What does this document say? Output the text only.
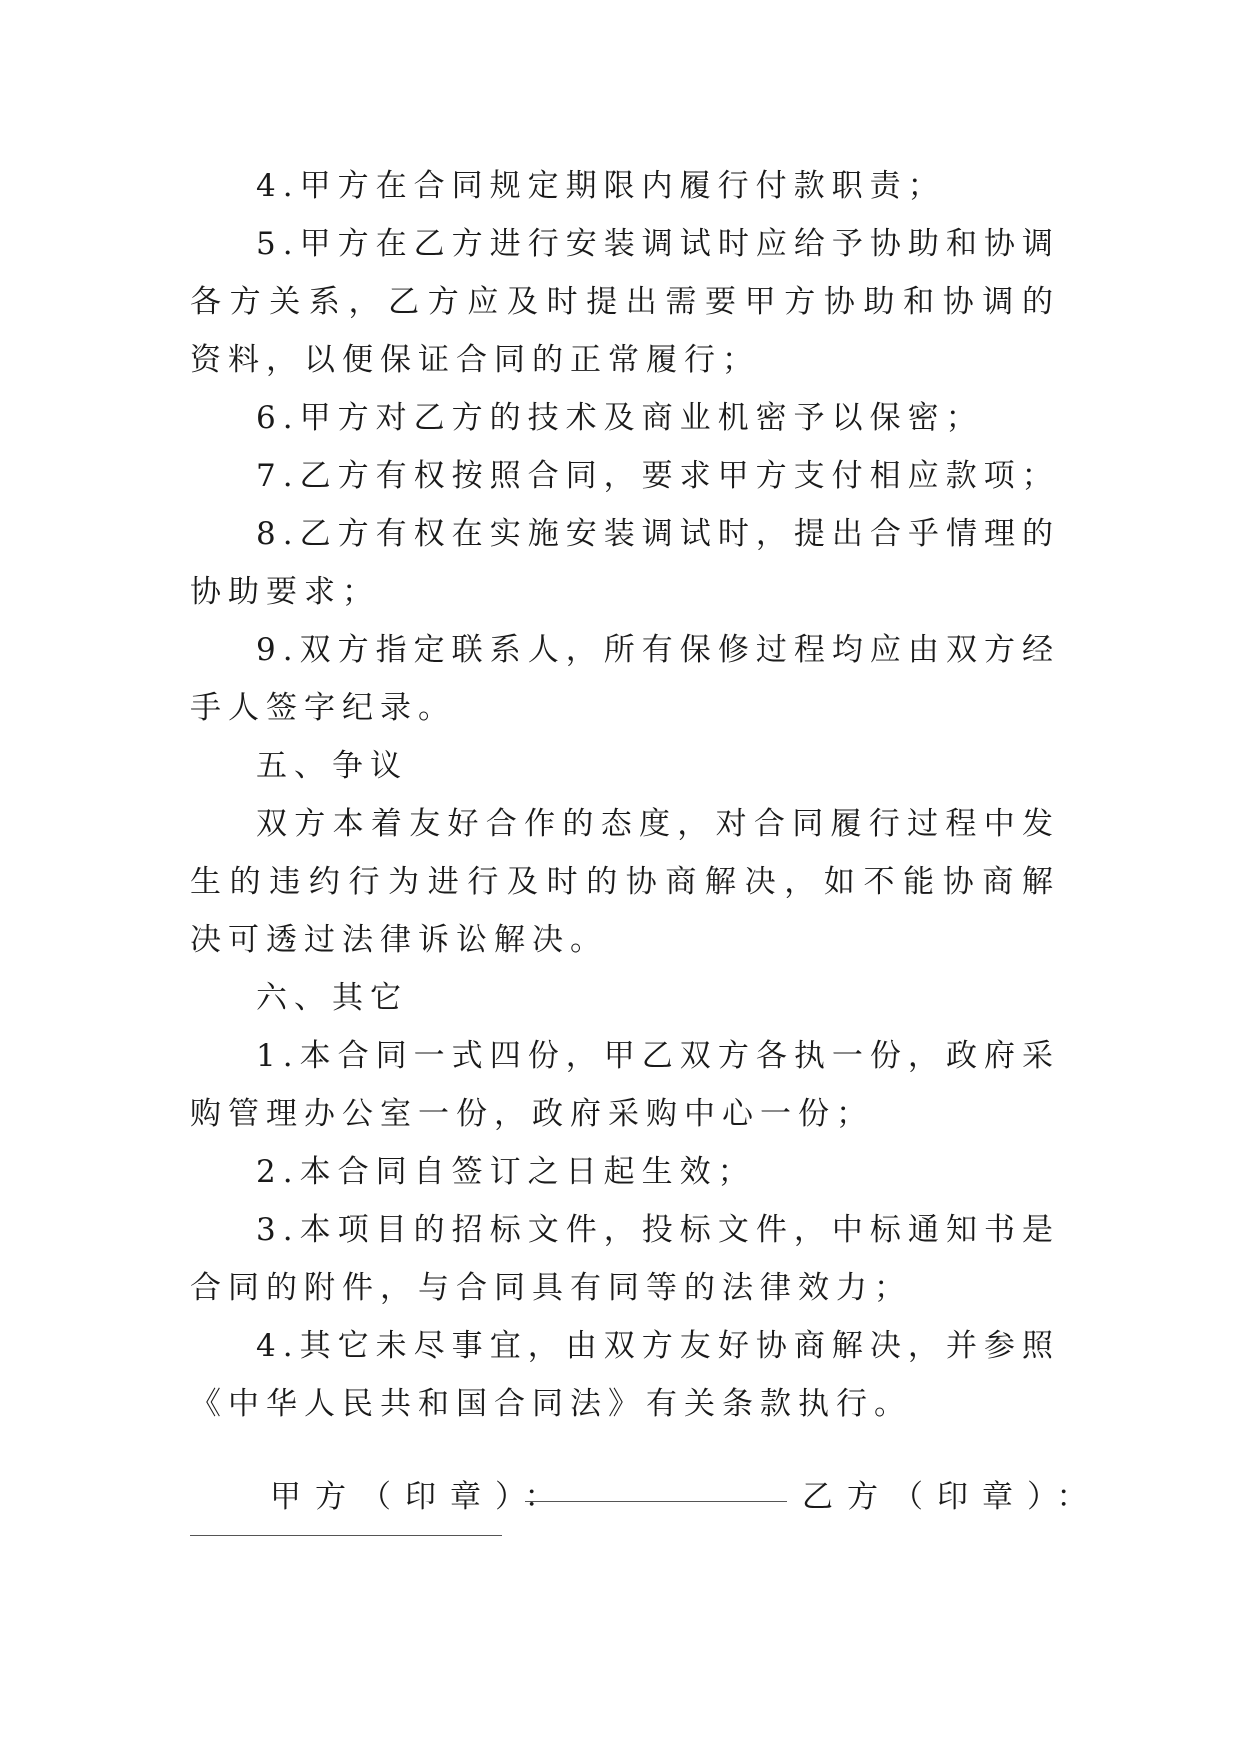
4.甲方在合同规定期限内履行付款职责；

5.甲方在乙方进行安装调试时应给予协助和协调各方关系，乙方应及时提出需要甲方协助和协调的资料，以便保证合同的正常履行；

6.甲方对乙方的技术及商业机密予以保密；

7.乙方有权按照合同，要求甲方支付相应款项；

8.乙方有权在实施安装调试时，提出合乎情理的协助要求；

9.双方指定联系人，所有保修过程均应由双方经手人签字纪录。

五、争议

双方本着友好合作的态度，对合同履行过程中发生的违约行为进行及时的协商解决，如不能协商解决可透过法律诉讼解决。

六、其它

1.本合同一式四份，甲乙双方各执一份，政府采购管理办公室一份，政府采购中心一份；

2.本合同自签订之日起生效；

3.本项目的招标文件，投标文件，中标通知书是合同的附件，与合同具有同等的法律效力；

4.其它未尽事宜，由双方友好协商解决，并参照《中华人民共和国合同法》有关条款执行。

甲方（印章）：	乙方（印章）：
